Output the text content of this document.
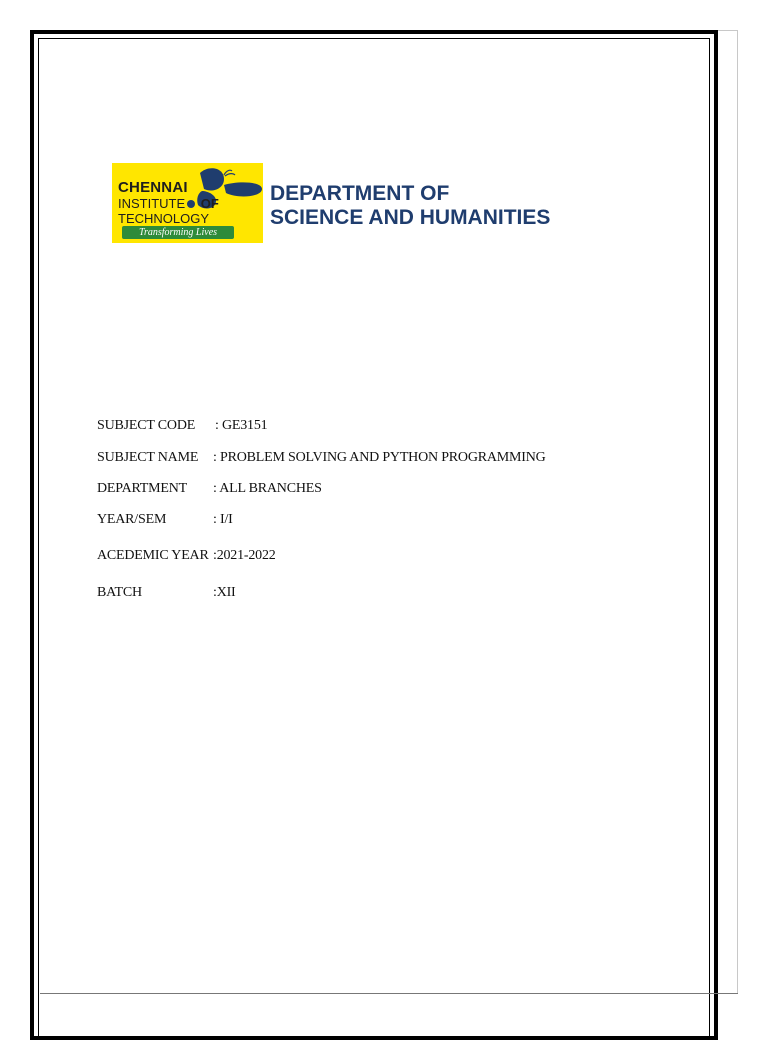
CHENNAI
INSTITUTE OF
TECHNOLOGY
Transforming Lives
DEPARTMENT OF
SCIENCE AND HUMANITIES
SUBJECT CODE : GE3151
SUBJECT NAME : PROBLEM SOLVING AND PYTHON PROGRAMMING
DEPARTMENT : ALL BRANCHES
YEAR/SEM	: I/I
ACEDEMIC YEAR :2021-2022
BATCH	:XII
